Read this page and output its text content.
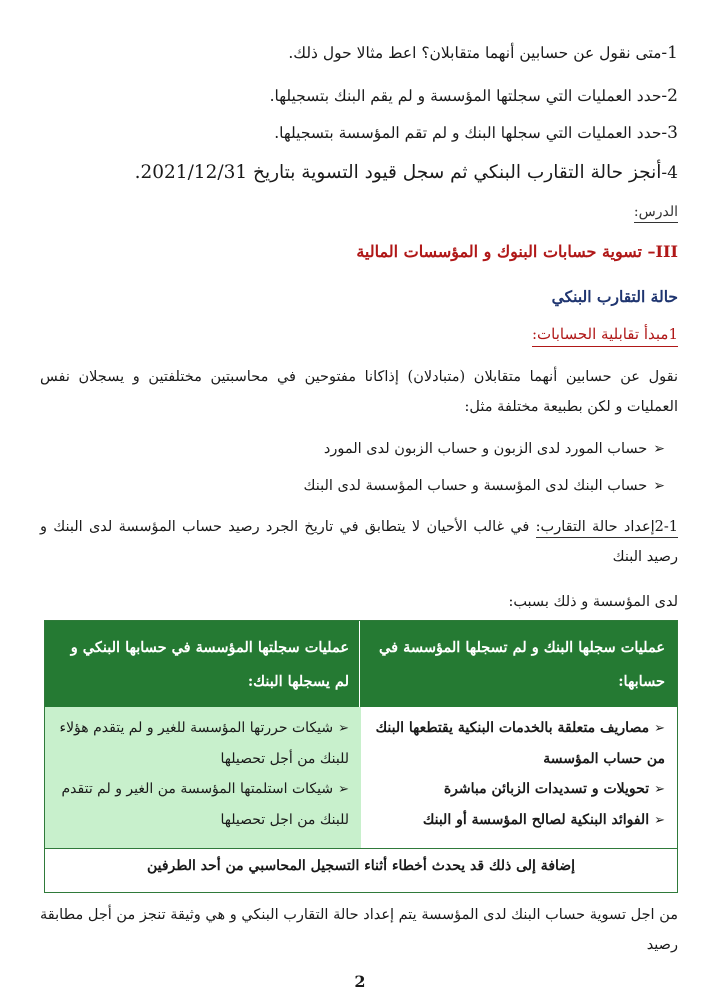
1-متى نقول عن حسابين أنهما متقابلان؟ اعط مثالا حول ذلك.
2-حدد العمليات التي سجلتها المؤسسة و لم يقم البنك بتسجيلها.
3-حدد العمليات التي سجلها البنك و لم تقم المؤسسة بتسجيلها.
4-أنجز حالة التقارب البنكي ثم سجل قيود التسوية بتاريخ 2021/12/31.
الدرس:
III– تسوية حسابات البنوك و المؤسسات المالية
حالة التقارب البنكي
1مبدأ تقابلية الحسابات:
نقول عن حسابين أنهما متقابلان (متبادلان) إذاكانا مفتوحين في محاسبتين مختلفتين و يسجلان نفس العمليات و لكن بطبيعة مختلفة مثل:
➢حساب المورد لدى الزبون و حساب الزبون لدى المورد
➢حساب البنك لدى المؤسسة و حساب المؤسسة لدى البنك
2-1إعداد حالة التقارب: في غالب الأحيان لا يتطابق في تاريخ الجرد رصيد حساب المؤسسة لدى البنك و رصيد البنك
لدى المؤسسة و ذلك بسبب:
عمليات سجلها البنك و لم تسجلها المؤسسة في حسابها:
عمليات سجلتها المؤسسة في حسابها البنكي و لم يسجلها البنك:
➢مصاريف متعلقة بالخدمات البنكية يقتطعها البنك من حساب المؤسسة
➢تحويلات و تسديدات الزبائن مباشرة
➢الفوائد البنكية لصالح المؤسسة أو البنك
➢شيكات حررتها المؤسسة للغير و لم يتقدم هؤلاء للبنك من أجل تحصيلها
➢شيكات استلمتها المؤسسة من الغير و لم تتقدم للبنك من اجل تحصيلها
إضافة إلى ذلك قد يحدث أخطاء أثناء التسجيل المحاسبي من أحد الطرفين
من اجل تسوية حساب البنك لدى المؤسسة يتم إعداد حالة التقارب البنكي و هي وثيقة تنجز من أجل مطابقة رصيد
2
